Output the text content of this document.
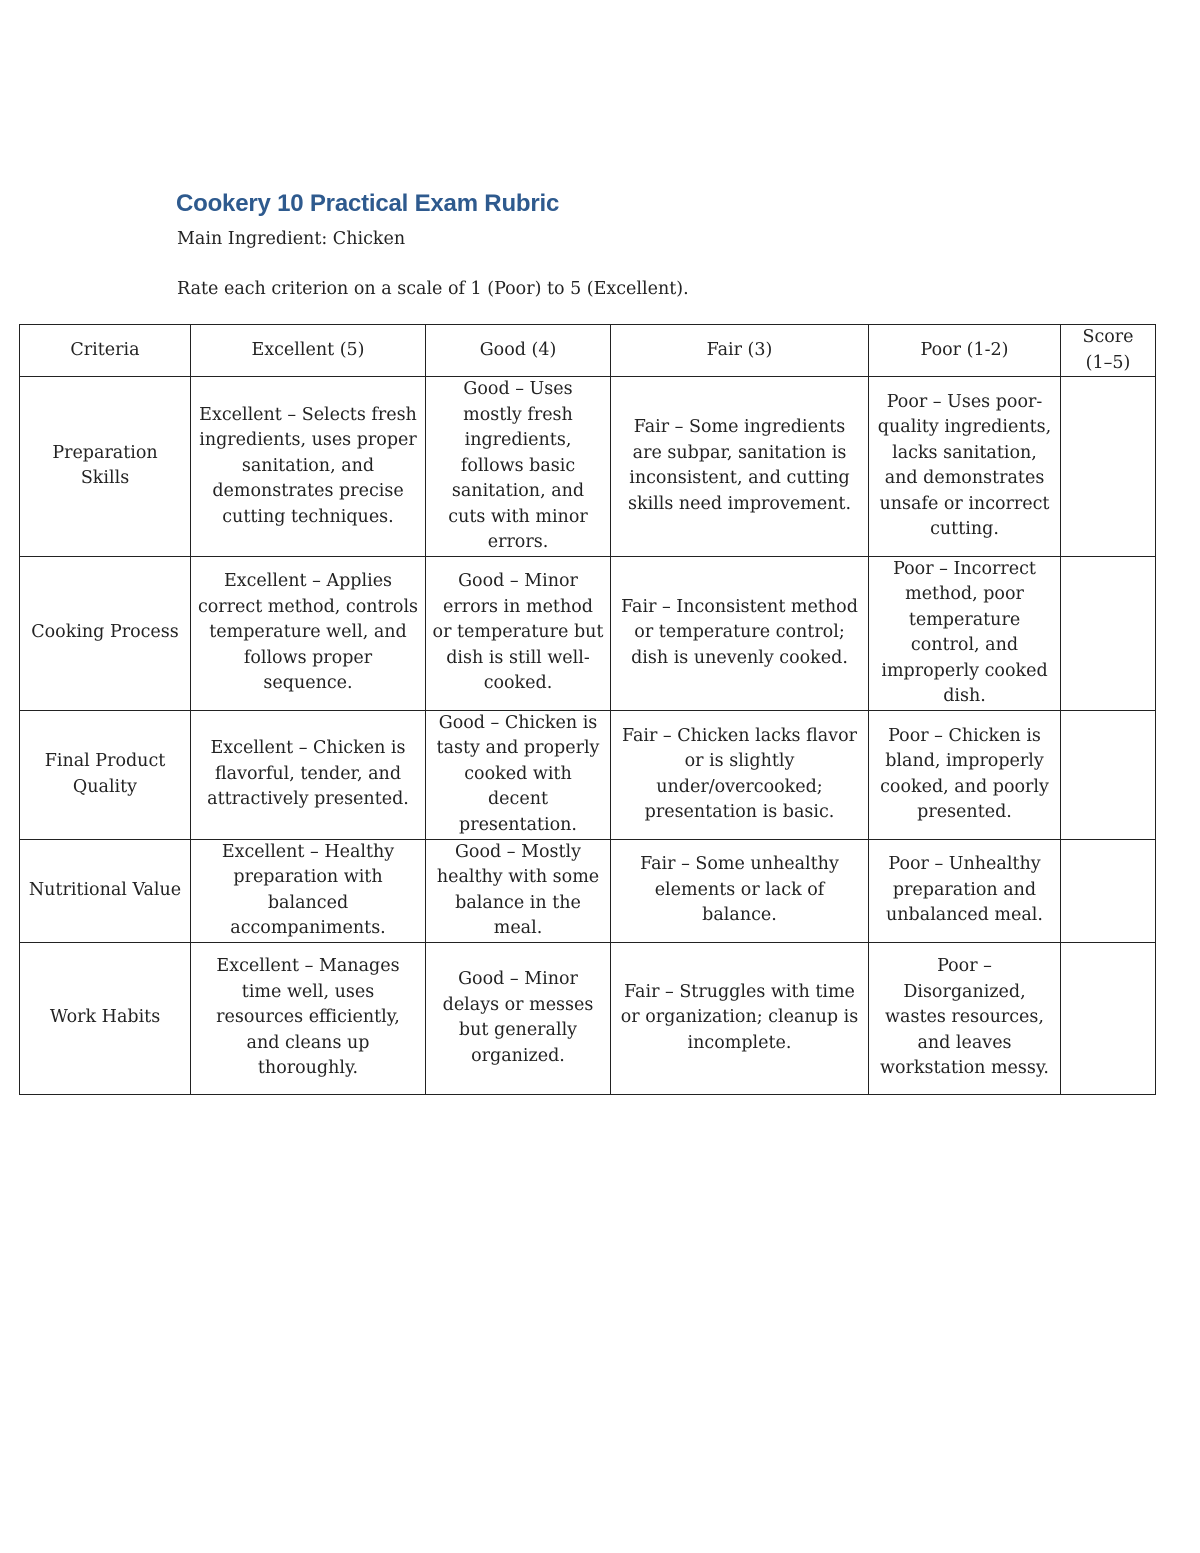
Cookery 10 Practical Exam Rubric

Main Ingredient: Chicken

Rate each criterion on a scale of 1 (Poor) to 5 (Excellent).

Criteria	Excellent (5)	Good (4)	Fair (3)	Poor (1-2)	Score (1–5)
Preparation Skills	Excellent – Selects fresh ingredients, uses proper sanitation, and demonstrates precise cutting techniques.	Good – Uses mostly fresh ingredients, follows basic sanitation, and cuts with minor errors.	Fair – Some ingredients are subpar, sanitation is inconsistent, and cutting skills need improvement.	Poor – Uses poor-quality ingredients, lacks sanitation, and demonstrates unsafe or incorrect cutting.	
Cooking Process	Excellent – Applies correct method, controls temperature well, and follows proper sequence.	Good – Minor errors in method or temperature but dish is still well-cooked.	Fair – Inconsistent method or temperature control; dish is unevenly cooked.	Poor – Incorrect method, poor temperature control, and improperly cooked dish.	
Final Product Quality	Excellent – Chicken is flavorful, tender, and attractively presented.	Good – Chicken is tasty and properly cooked with decent presentation.	Fair – Chicken lacks flavor or is slightly under/overcooked; presentation is basic.	Poor – Chicken is bland, improperly cooked, and poorly presented.	
Nutritional Value	Excellent – Healthy preparation with balanced accompaniments.	Good – Mostly healthy with some balance in the meal.	Fair – Some unhealthy elements or lack of balance.	Poor – Unhealthy preparation and unbalanced meal.	
Work Habits	Excellent – Manages time well, uses resources efficiently, and cleans up thoroughly.	Good – Minor delays or messes but generally organized.	Fair – Struggles with time or organization; cleanup is incomplete.	Poor – Disorganized, wastes resources, and leaves workstation messy.	
